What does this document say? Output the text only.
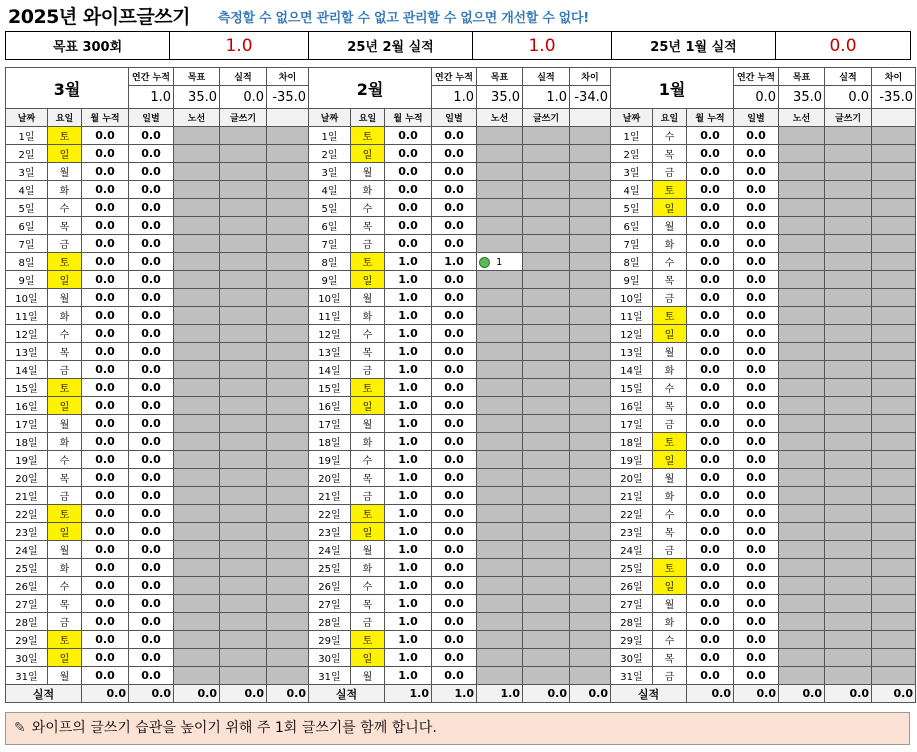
2025년 와이프글쓰기 측정할 수 없으면 관리할 수 없고 관리할 수 없으면 개선할 수 없다!
목표 300회	1.0	25년 2월 실적	1.0	25년 1월 실적	0.0
3월			연간 누적	목표	실적	차이
			1.0	35.0	0.0	-35.0
날짜	요일	월 누적	일별	노선	글쓰기	
1일	토	0.0	0.0			
2일	일	0.0	0.0			
3일	월	0.0	0.0			
4일	화	0.0	0.0			
5일	수	0.0	0.0			
6일	목	0.0	0.0			
7일	금	0.0	0.0			
8일	토	0.0	0.0			
9일	일	0.0	0.0			
10일	월	0.0	0.0			
11일	화	0.0	0.0			
12일	수	0.0	0.0			
13일	목	0.0	0.0			
14일	금	0.0	0.0			
15일	토	0.0	0.0			
16일	일	0.0	0.0			
17일	월	0.0	0.0			
18일	화	0.0	0.0			
19일	수	0.0	0.0			
20일	목	0.0	0.0			
21일	금	0.0	0.0			
22일	토	0.0	0.0			
23일	일	0.0	0.0			
24일	월	0.0	0.0			
25일	화	0.0	0.0			
26일	수	0.0	0.0			
27일	목	0.0	0.0			
28일	금	0.0	0.0			
29일	토	0.0	0.0			
30일	일	0.0	0.0			
31일	월	0.0	0.0			
실적		0.0	0.0	0.0	0.0	0.0
2월			연간 누적	목표	실적	차이
			1.0	35.0	1.0	-34.0
날짜	요일	월 누적	일별	노선	글쓰기	
1일	토	0.0	0.0			
2일	일	0.0	0.0			
3일	월	0.0	0.0			
4일	화	0.0	0.0			
5일	수	0.0	0.0			
6일	목	0.0	0.0			
7일	금	0.0	0.0			
8일	토	1.0	1.0	1		
9일	일	1.0	0.0			
10일	월	1.0	0.0			
11일	화	1.0	0.0			
12일	수	1.0	0.0			
13일	목	1.0	0.0			
14일	금	1.0	0.0			
15일	토	1.0	0.0			
16일	일	1.0	0.0			
17일	월	1.0	0.0			
18일	화	1.0	0.0			
19일	수	1.0	0.0			
20일	목	1.0	0.0			
21일	금	1.0	0.0			
22일	토	1.0	0.0			
23일	일	1.0	0.0			
24일	월	1.0	0.0			
25일	화	1.0	0.0			
26일	수	1.0	0.0			
27일	목	1.0	0.0			
28일	금	1.0	0.0			
29일	토	1.0	0.0			
30일	일	1.0	0.0			
31일	월	1.0	0.0			
실적		1.0	1.0	1.0	0.0	0.0
1월			연간 누적	목표	실적	차이
			0.0	35.0	0.0	-35.0
날짜	요일	월 누적	일별	노선	글쓰기	
1일	수	0.0	0.0			
2일	목	0.0	0.0			
3일	금	0.0	0.0			
4일	토	0.0	0.0			
5일	일	0.0	0.0			
6일	월	0.0	0.0			
7일	화	0.0	0.0			
8일	수	0.0	0.0			
9일	목	0.0	0.0			
10일	금	0.0	0.0			
11일	토	0.0	0.0			
12일	일	0.0	0.0			
13일	월	0.0	0.0			
14일	화	0.0	0.0			
15일	수	0.0	0.0			
16일	목	0.0	0.0			
17일	금	0.0	0.0			
18일	토	0.0	0.0			
19일	일	0.0	0.0			
20일	월	0.0	0.0			
21일	화	0.0	0.0			
22일	수	0.0	0.0			
23일	목	0.0	0.0			
24일	금	0.0	0.0			
25일	토	0.0	0.0			
26일	일	0.0	0.0			
27일	월	0.0	0.0			
28일	화	0.0	0.0			
29일	수	0.0	0.0			
30일	목	0.0	0.0			
31일	금	0.0	0.0			
실적		0.0	0.0	0.0	0.0	0.0
✎ 와이프의 글쓰기 습관을 높이기 위해 주 1회 글쓰기를 함께 합니다.
